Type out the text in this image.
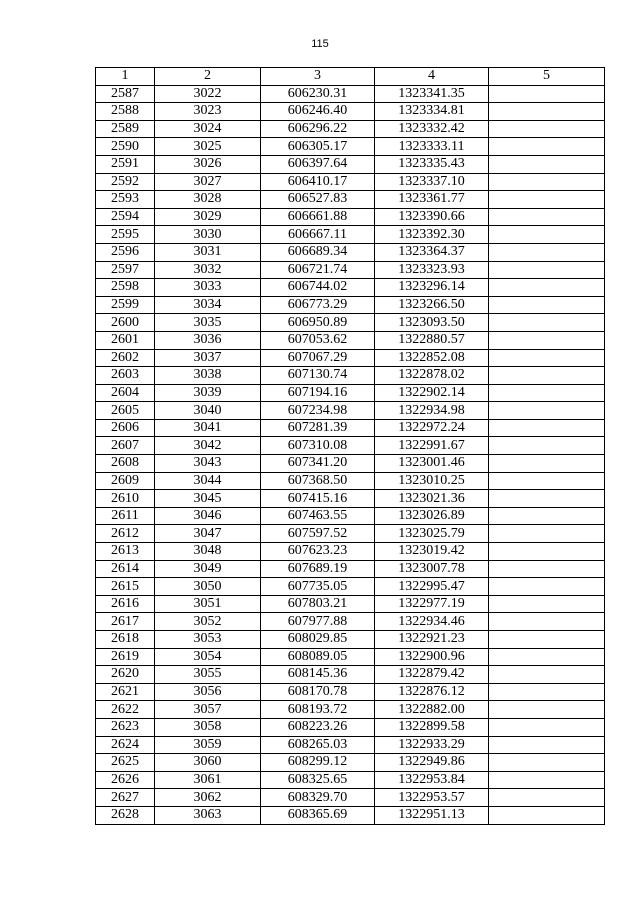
115
1	2	3	4	5
2587	3022	606230.31	1323341.35	
2588	3023	606246.40	1323334.81	
2589	3024	606296.22	1323332.42	
2590	3025	606305.17	1323333.11	
2591	3026	606397.64	1323335.43	
2592	3027	606410.17	1323337.10	
2593	3028	606527.83	1323361.77	
2594	3029	606661.88	1323390.66	
2595	3030	606667.11	1323392.30	
2596	3031	606689.34	1323364.37	
2597	3032	606721.74	1323323.93	
2598	3033	606744.02	1323296.14	
2599	3034	606773.29	1323266.50	
2600	3035	606950.89	1323093.50	
2601	3036	607053.62	1322880.57	
2602	3037	607067.29	1322852.08	
2603	3038	607130.74	1322878.02	
2604	3039	607194.16	1322902.14	
2605	3040	607234.98	1322934.98	
2606	3041	607281.39	1322972.24	
2607	3042	607310.08	1322991.67	
2608	3043	607341.20	1323001.46	
2609	3044	607368.50	1323010.25	
2610	3045	607415.16	1323021.36	
2611	3046	607463.55	1323026.89	
2612	3047	607597.52	1323025.79	
2613	3048	607623.23	1323019.42	
2614	3049	607689.19	1323007.78	
2615	3050	607735.05	1322995.47	
2616	3051	607803.21	1322977.19	
2617	3052	607977.88	1322934.46	
2618	3053	608029.85	1322921.23	
2619	3054	608089.05	1322900.96	
2620	3055	608145.36	1322879.42	
2621	3056	608170.78	1322876.12	
2622	3057	608193.72	1322882.00	
2623	3058	608223.26	1322899.58	
2624	3059	608265.03	1322933.29	
2625	3060	608299.12	1322949.86	
2626	3061	608325.65	1322953.84	
2627	3062	608329.70	1322953.57	
2628	3063	608365.69	1322951.13	
